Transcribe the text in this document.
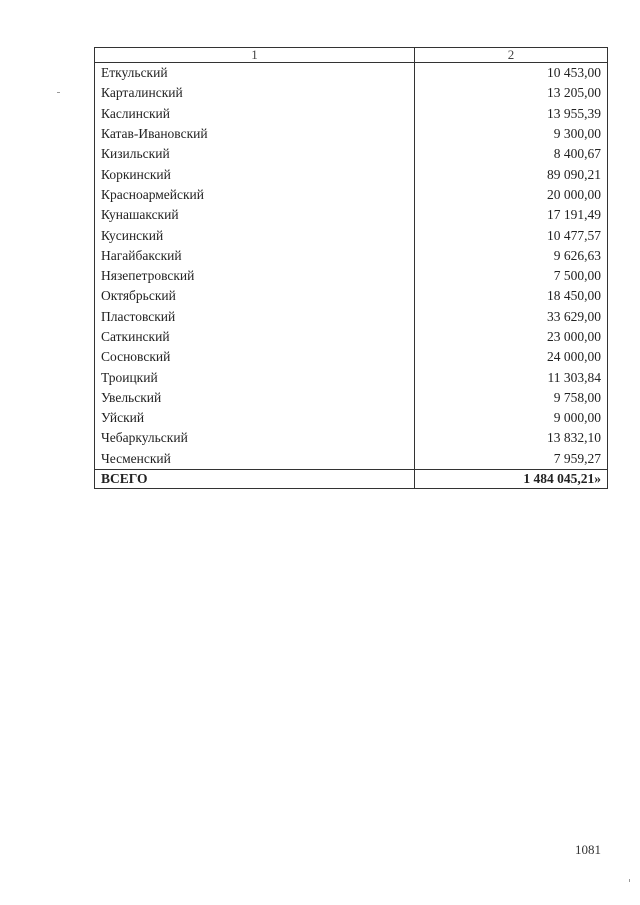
1	2
Еткульский	10 453,00
Карталинский	13 205,00
Каслинский	13 955,39
Катав-Ивановский	9 300,00
Кизильский	8 400,67
Коркинский	89 090,21
Красноармейский	20 000,00
Кунашакский	17 191,49
Кусинский	10 477,57
Нагайбакский	9 626,63
Нязепетровский	7 500,00
Октябрьский	18 450,00
Пластовский	33 629,00
Саткинский	23 000,00
Сосновский	24 000,00
Троицкий	11 303,84
Увельский	9 758,00
Уйский	9 000,00
Чебаркульский	13 832,10
Чесменский	7 959,27
ВСЕГО	1 484 045,21»
1081
